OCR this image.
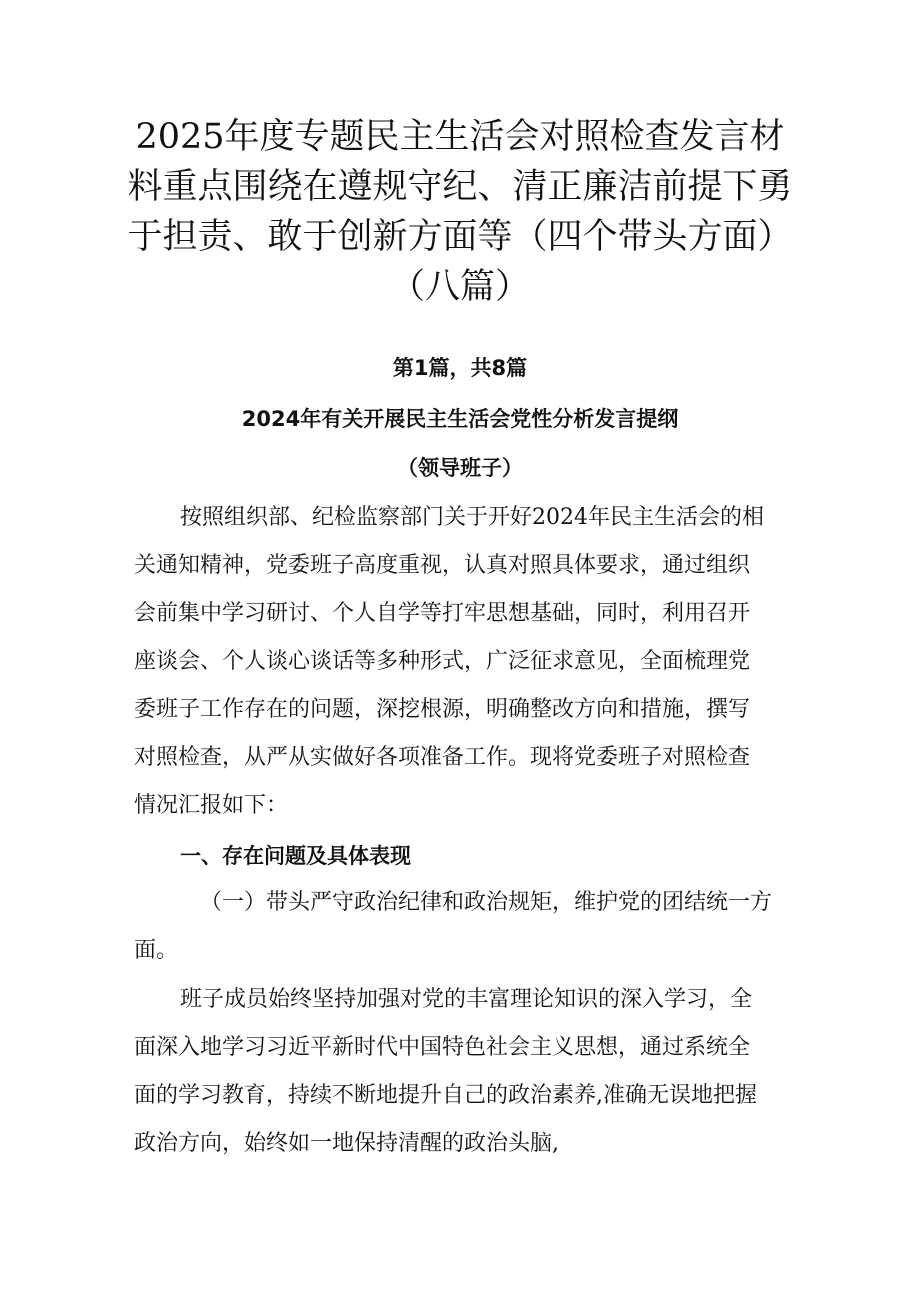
2025年度专题民主生活会对照检查发言材
料重点围绕在遵规守纪、清正廉洁前提下勇
于担责、敢于创新方面等（四个带头方面）
（八篇）

第1篇，共8篇

2024年有关开展民主生活会党性分析发言提纲

（领导班子）

按照组织部、纪检监察部门关于开好2024年民主生活会的相

关通知精神，党委班子高度重视，认真对照具体要求，通过组织

会前集中学习研讨、个人自学等打牢思想基础，同时，利用召开

座谈会、个人谈心谈话等多种形式，广泛征求意见，全面梳理党

委班子工作存在的问题，深挖根源，明确整改方向和措施，撰写

对照检查，从严从实做好各项准备工作。现将党委班子对照检查

情况汇报如下：

一、存在问题及具体表现

（一）带头严守政治纪律和政治规矩，维护党的团结统一方

面。

班子成员始终坚持加强对党的丰富理论知识的深入学习，全

面深入地学习习近平新时代中国特色社会主义思想，通过系统全

面的学习教育，持续不断地提升自己的政治素养,准确无误地把握

政治方向，始终如一地保持清醒的政治头脑,
